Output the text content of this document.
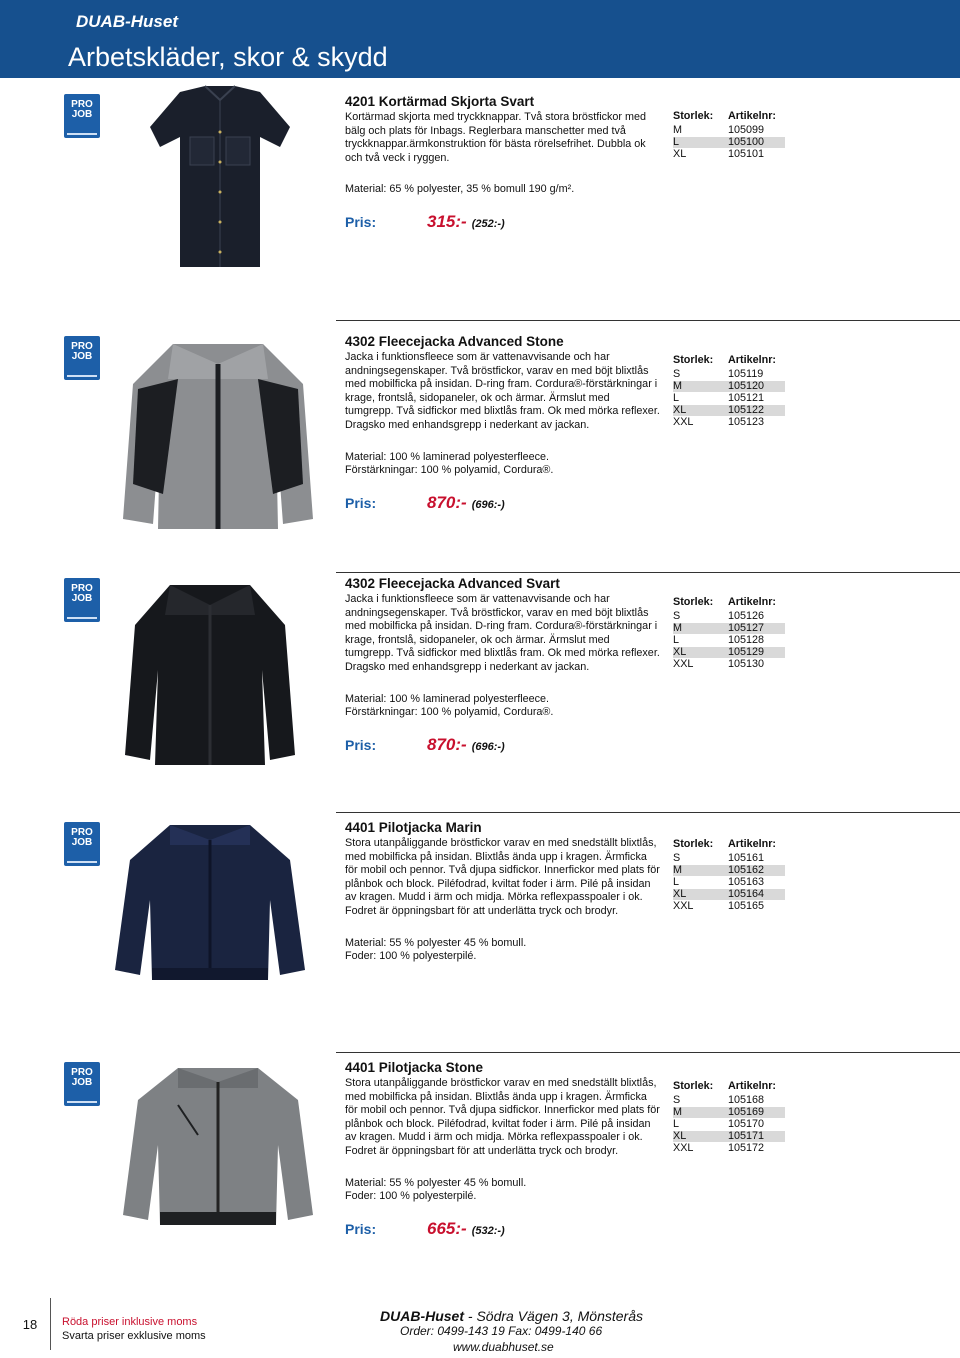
DUAB-Huset
Arbetskläder, skor & skydd
PRO
JOB
4201 Kortärmad Skjorta Svart
Kortärmad skjorta med tryckknappar. Två stora bröstfickor med bälg och plats för Inbags. Reglerbara manschetter med två tryckknappar.ärmkonstruktion för bästa rörelsefrihet. Dubbla ok och två veck i ryggen.
Material: 65 % polyester, 35 % bomull 190 g/m².
Pris:	315:- (252:-)
Storlek:	Artikelnr:
M	105099
L	105100
XL	105101
PRO
JOB
4302 Fleecejacka Advanced Stone
Jacka i funktionsfleece som är vattenavvisande och har andningsegenskaper. Två bröstfickor, varav en med böjt blixtlås med mobilficka på insidan. D-ring fram. Cordura®-förstärkningar i krage, frontslå, sidopaneler, ok och ärmar. Ärmslut med tumgrepp. Två sidfickor med blixtlås fram. Ok med mörka reflexer. Dragsko med enhandsgrepp i nederkant av jackan.
Material: 100 % laminerad polyesterfleece.
Förstärkningar: 100 % polyamid, Cordura®.
Pris:	870:- (696:-)
Storlek:	Artikelnr:
S	105119
M	105120
L	105121
XL	105122
XXL	105123
PRO
JOB
4302 Fleecejacka Advanced Svart
Jacka i funktionsfleece som är vattenavvisande och har andningsegenskaper. Två bröstfickor, varav en med böjt blixtlås med mobilficka på insidan. D-ring fram. Cordura®-förstärkningar i krage, frontslå, sidopaneler, ok och ärmar. Ärmslut med tumgrepp. Två sidfickor med blixtlås fram. Ok med mörka reflexer. Dragsko med enhandsgrepp i nederkant av jackan.
Material: 100 % laminerad polyesterfleece.
Förstärkningar: 100 % polyamid, Cordura®.
Pris:	870:- (696:-)
Storlek:	Artikelnr:
S	105126
M	105127
L	105128
XL	105129
XXL	105130
PRO
JOB
4401 Pilotjacka Marin
Stora utanpåliggande bröstfickor varav en med snedställt blixtlås, med mobilficka på insidan. Blixtlås ända upp i kragen. Ärmficka för mobil och pennor. Två djupa sidfickor. Innerfickor med plats för plånbok och block. Piléfodrad, kviltat foder i ärm. Pilé på insidan av kragen. Mudd i ärm och midja. Mörka reflexpasspoaler i ok. Fodret är öppningsbart för att underlätta tryck och brodyr.
Material: 55 % polyester 45 % bomull.
Foder: 100 % polyesterpilé.
Storlek:	Artikelnr:
S	105161
M	105162
L	105163
XL	105164
XXL	105165
PRO
JOB
4401 Pilotjacka Stone
Stora utanpåliggande bröstfickor varav en med snedställt blixtlås, med mobilficka på insidan. Blixtlås ända upp i kragen. Ärmficka för mobil och pennor. Två djupa sidfickor. Innerfickor med plats för plånbok och block. Piléfodrad, kviltat foder i ärm. Pilé på insidan av kragen. Mudd i ärm och midja. Mörka reflexpasspoaler i ok. Fodret är öppningsbart för att underlätta tryck och brodyr.
Material: 55 % polyester 45 % bomull.
Foder: 100 % polyesterpilé.
Pris:	665:- (532:-)
Storlek:	Artikelnr:
S	105168
M	105169
L	105170
XL	105171
XXL	105172
18	Röda priser inklusive moms
Svarta priser exklusive moms
DUAB-Huset - Södra Vägen 3, Mönsterås
Order: 0499-143 19 Fax: 0499-140 66
www.duabhuset.se
